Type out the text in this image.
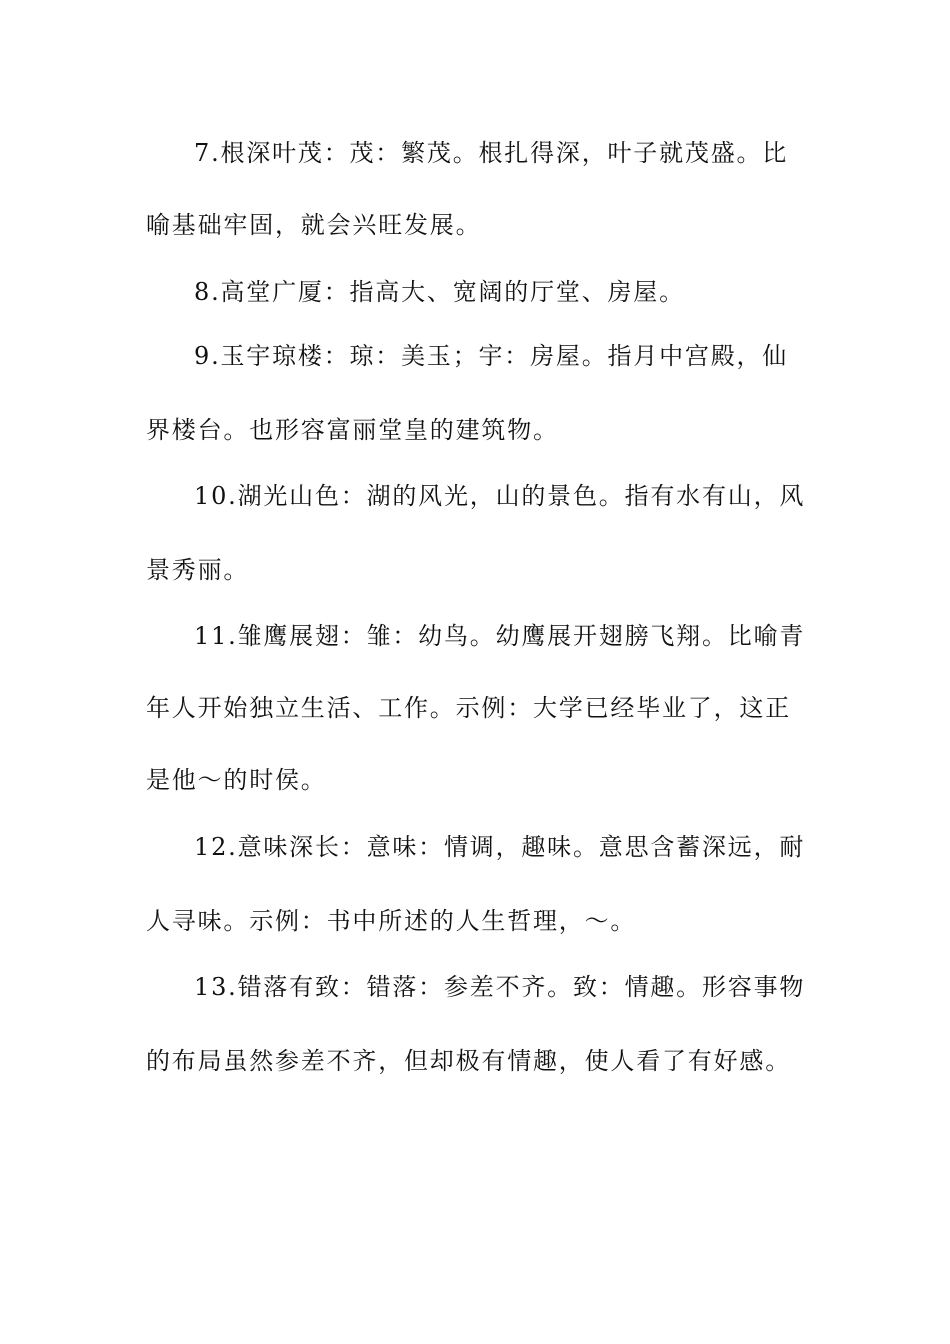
7.根深叶茂：茂：繁茂。根扎得深，叶子就茂盛。比
喻基础牢固，就会兴旺发展。
8.高堂广厦：指高大、宽阔的厅堂、房屋。
9.玉宇琼楼：琼：美玉；宇：房屋。指月中宫殿，仙
界楼台。也形容富丽堂皇的建筑物。
10.湖光山色：湖的风光，山的景色。指有水有山，风
景秀丽。
11.雏鹰展翅：雏：幼鸟。幼鹰展开翅膀飞翔。比喻青
年人开始独立生活、工作。示例：大学已经毕业了，这正
是他～的时侯。
12.意味深长：意味：情调，趣味。意思含蓄深远，耐
人寻味。示例：书中所述的人生哲理，～。
13.错落有致：错落：参差不齐。致：情趣。形容事物
的布局虽然参差不齐，但却极有情趣，使人看了有好感。
